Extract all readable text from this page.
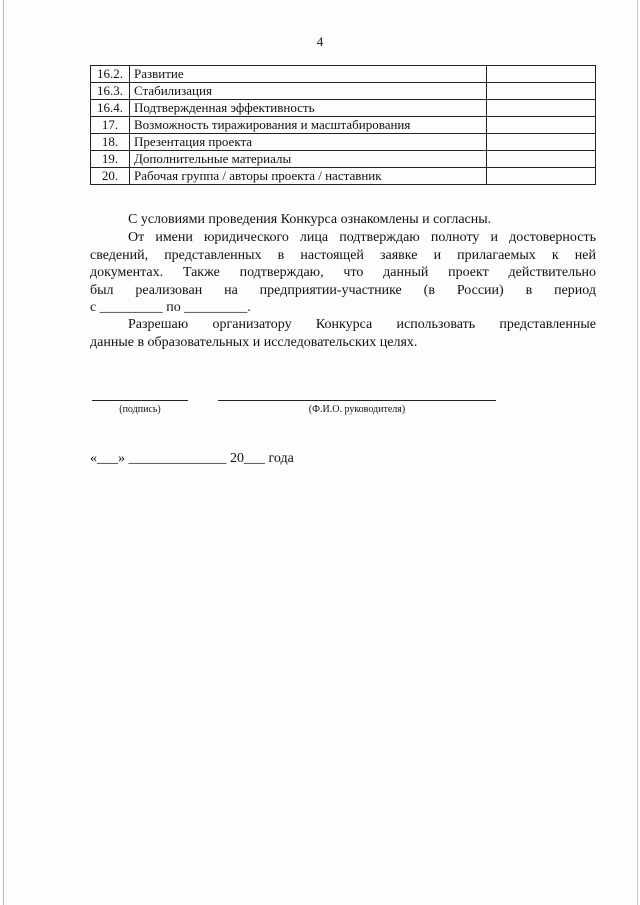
4
16.2.	Развитие	
16.3.	Стабилизация	
16.4.	Подтвержденная эффективность	
17.	Возможность тиражирования и масштабирования	
18.	Презентация проекта	
19.	Дополнительные материалы	
20.	Рабочая группа / авторы проекта / наставник	
С условиями проведения Конкурса ознакомлены и согласны.
От имени юридического лица подтверждаю полноту и достоверность
сведений, представленных в настоящей заявке и прилагаемых к ней
документах. Также подтверждаю, что данный проект действительно
был реализован на предприятии-участнике (в России) в период
с _________ по _________.
Разрешаю организатору Конкурса использовать представленные
данные в образовательных и исследовательских целях.
(подпись)	(Ф.И.О. руководителя)
«___» ______________ 20___ года
